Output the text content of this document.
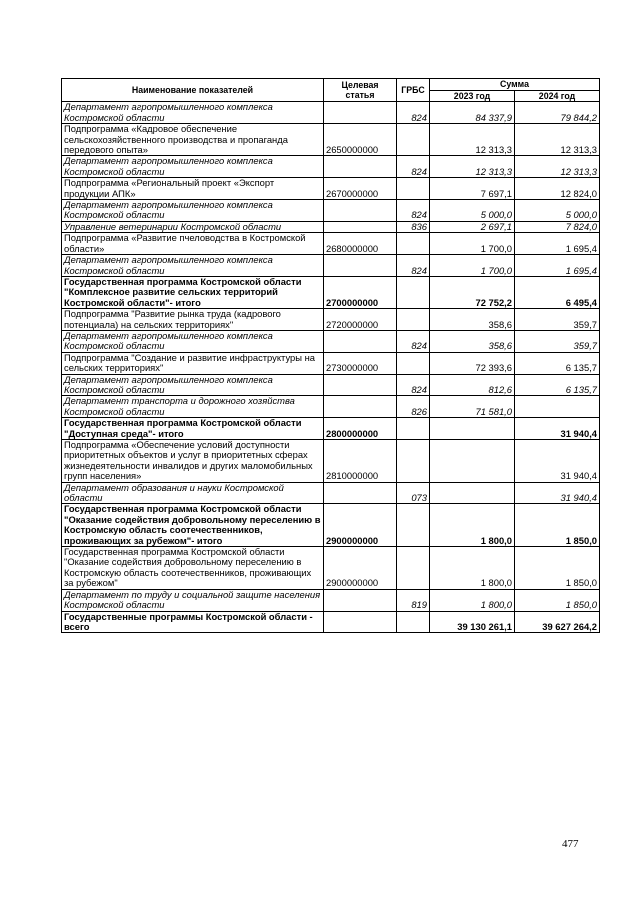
Наименование показателей	Целевая статья	ГРБС	Сумма	
			2023 год	2024 год
Департамент агропромышленного комплекса Костромской области		824	84 337,9	79 844,2
Подпрограмма «Кадровое обеспечение сельскохозяйственного производства и пропаганда передового опыта»	2650000000		12 313,3	12 313,3
Департамент агропромышленного комплекса Костромской области		824	12 313,3	12 313,3
Подпрограмма «Региональный проект «Экспорт продукции АПК»	2670000000		7 697,1	12 824,0
Департамент агропромышленного комплекса Костромской области		824	5 000,0	5 000,0
Управление ветеринарии Костромской области		836	2 697,1	7 824,0
Подпрограмма «Развитие пчеловодства в Костромской области»	2680000000		1 700,0	1 695,4
Департамент агропромышленного комплекса Костромской области		824	1 700,0	1 695,4
Государственная программа Костромской области "Комплексное развитие сельских территорий Костромской области"- итого	2700000000		72 752,2	6 495,4
Подпрограмма "Развитие рынка труда (кадрового потенциала) на сельских территориях"	2720000000		358,6	359,7
Департамент агропромышленного комплекса Костромской области		824	358,6	359,7
Подпрограмма "Создание и развитие инфраструктуры на сельских территориях"	2730000000		72 393,6	6 135,7
Департамент агропромышленного комплекса Костромской области		824	812,6	6 135,7
Департамент транспорта и дорожного хозяйства Костромской области		826	71 581,0	
Государственная программа Костромской области "Доступная среда"- итого	2800000000			31 940,4
Подпрограмма «Обеспечение условий доступности приоритетных объектов и услуг в приоритетных сферах жизнедеятельности инвалидов и других маломобильных групп населения»	2810000000			31 940,4
Департамент образования и науки Костромской области		073		31 940,4
Государственная программа Костромской области "Оказание содействия добровольному переселению в Костромскую область соотечественников, проживающих за рубежом"- итого	2900000000		1 800,0	1 850,0
Государственная программа Костромской области "Оказание содействия добровольному переселению в Костромскую область соотечественников, проживающих за рубежом"	2900000000		1 800,0	1 850,0
Департамент по труду и социальной защите населения Костромской области		819	1 800,0	1 850,0
Государственные программы Костромской области - всего			39 130 261,1	39 627 264,2
477
